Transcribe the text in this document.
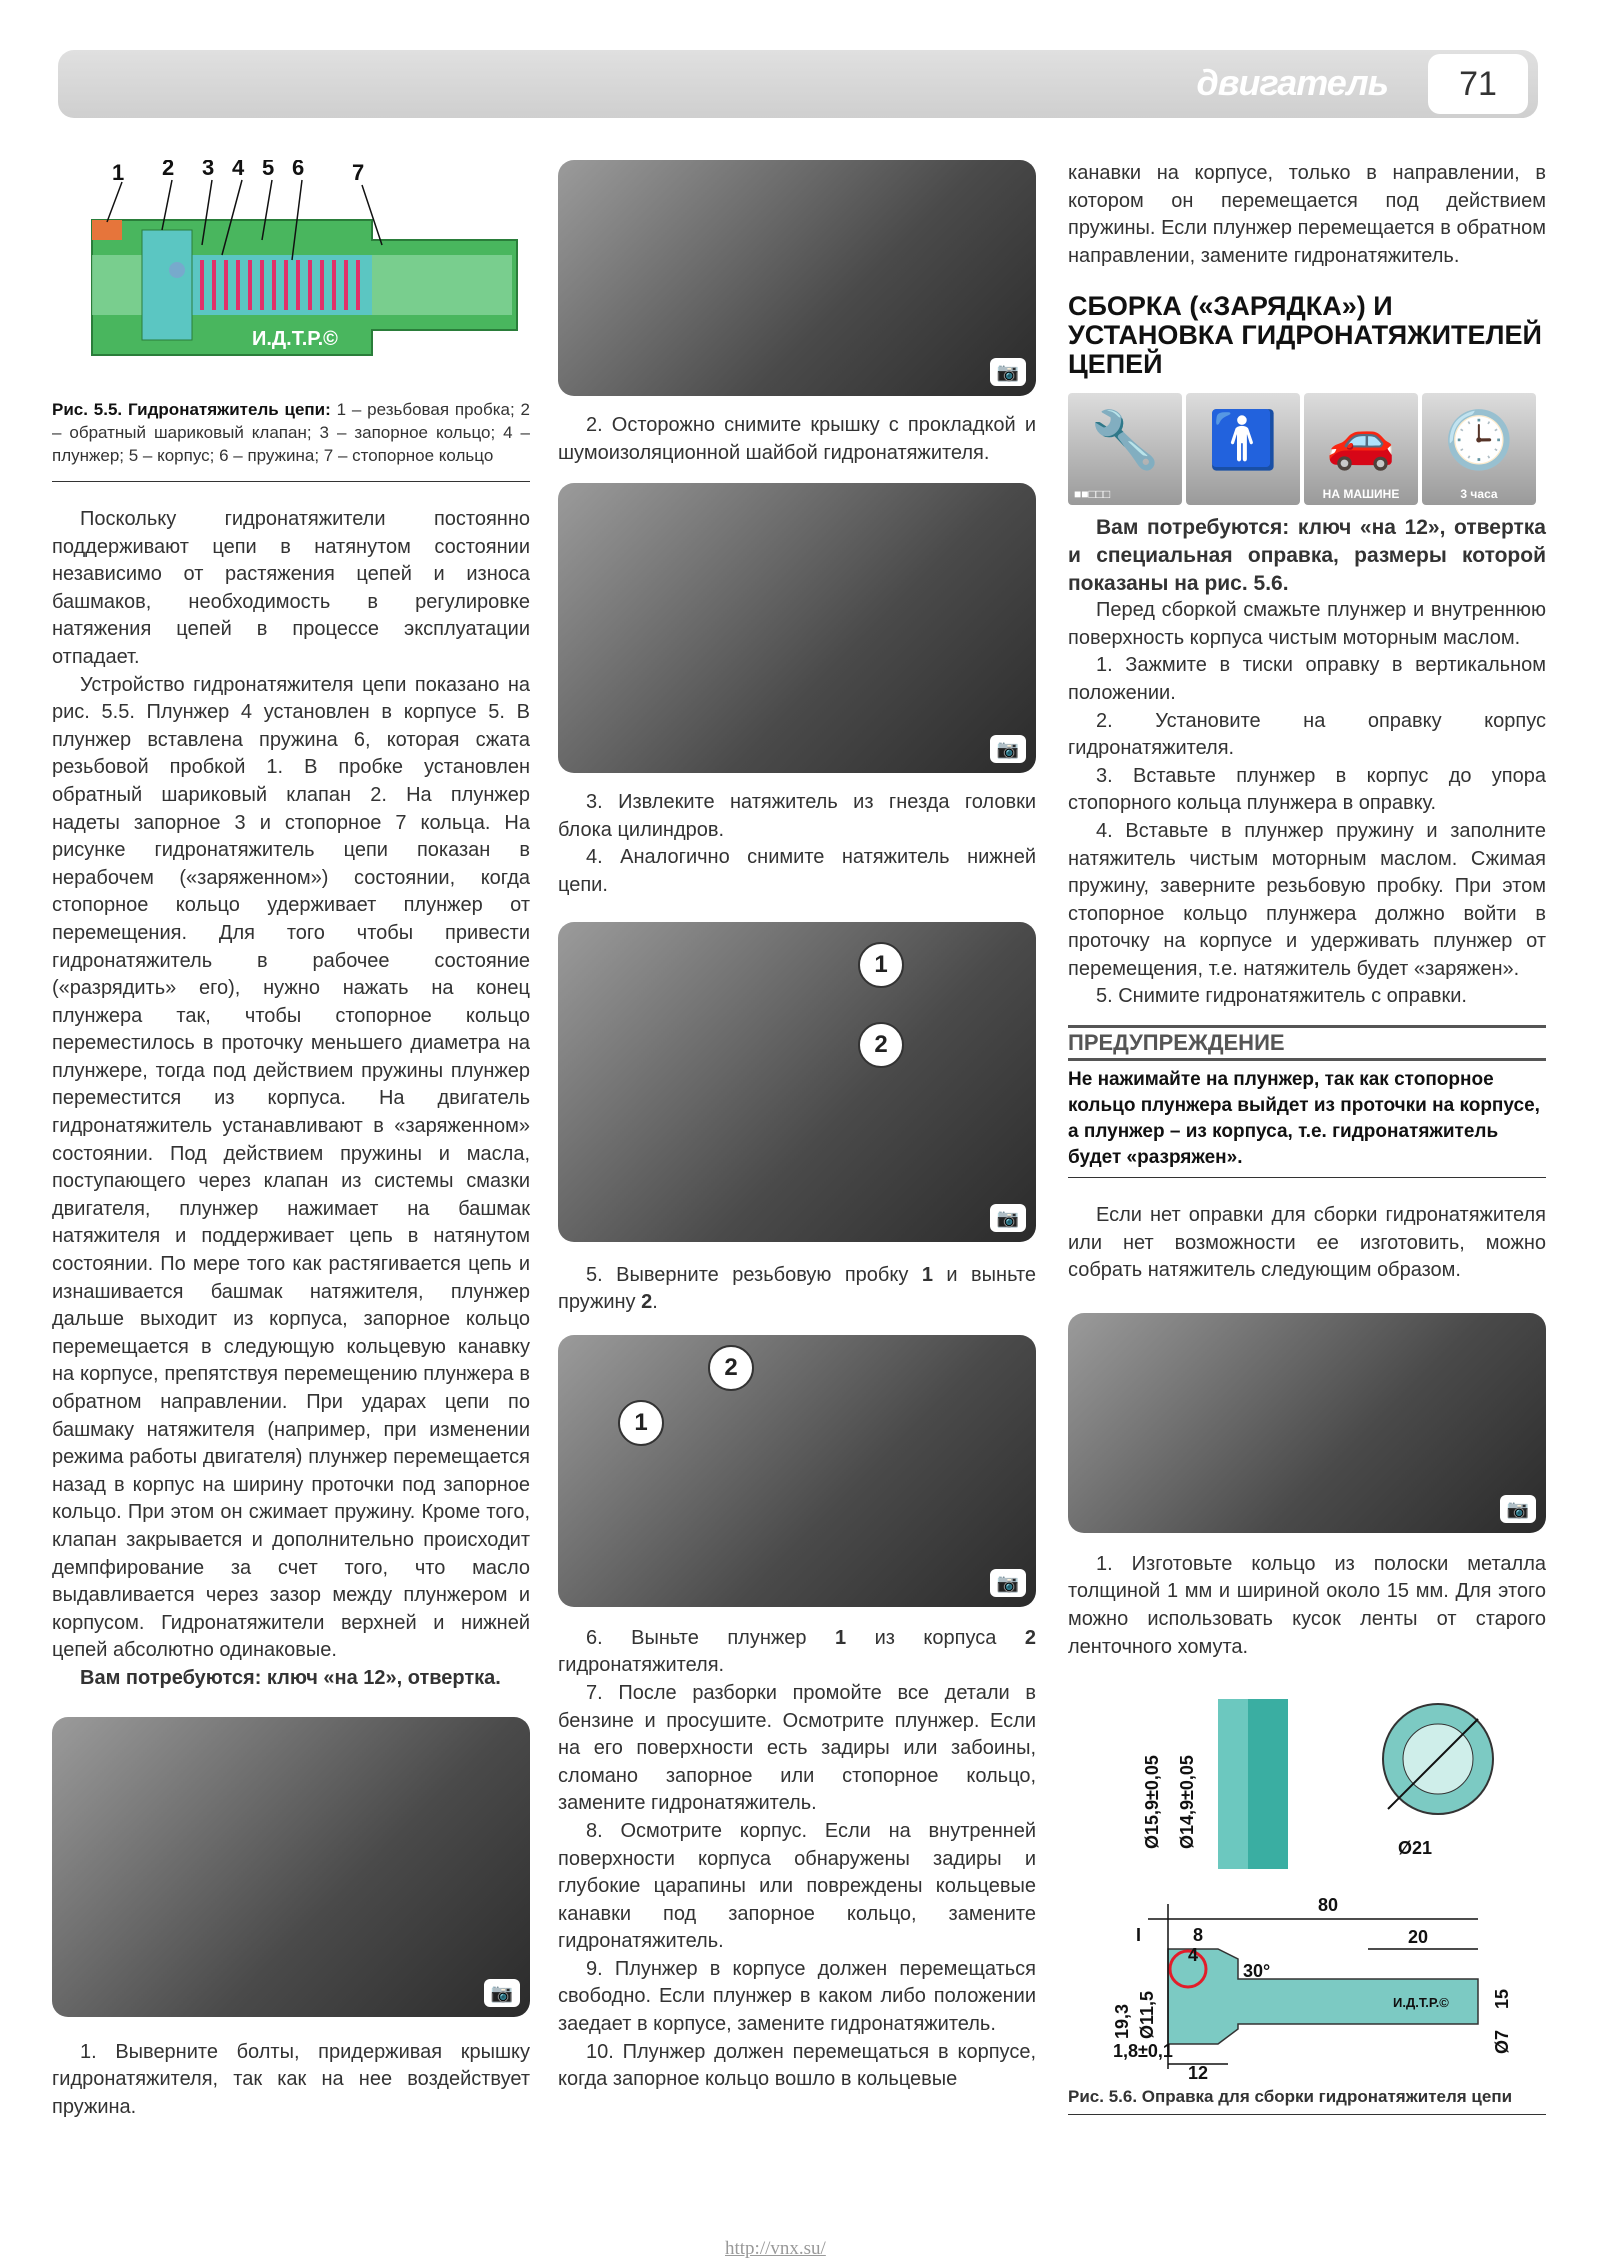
двигатель	71
1 2 3 4 5 6 7
И.Д.Т.Р.©
Рис. 5.5. Гидронатяжитель цепи: 1 – резьбовая пробка; 2 – обратный шариковый клапан; 3 – запорное кольцо; 4 – плунжер; 5 – корпус; 6 – пружина; 7 – стопорное кольцо

Поскольку гидронатяжители постоянно поддерживают цепи в натянутом состоянии независимо от растяжения цепей и износа башмаков, необходимость в регулировке натяжения цепей в процессе эксплуатации отпадает.

Устройство гидронатяжителя цепи показано на рис. 5.5. Плунжер 4 установлен в корпусе 5. В плунжер вставлена пружина 6, которая сжата резьбовой пробкой 1. В пробке установлен обратный шариковый клапан 2. На плунжер надеты запорное 3 и стопорное 7 кольца. На рисунке гидронатяжитель цепи показан в нерабочем («заряженном») состоянии, когда стопорное кольцо удерживает плунжер от перемещения. Для того чтобы привести гидронатяжитель в рабочее состояние («разрядить» его), нужно нажать на конец плунжера так, чтобы стопорное кольцо переместилось в проточку меньшего диаметра на плунжере, тогда под действием пружины плунжер переместится из корпуса. На двигатель гидронатяжитель устанавливают в «заряженном» состоянии. Под действием пружины и масла, поступающего через клапан из системы смазки двигателя, плунжер нажимает на башмак натяжителя и поддерживает цепь в натянутом состоянии. По мере того как растягивается цепь и изнашивается башмак натяжителя, плунжер дальше выходит из корпуса, запорное кольцо перемещается в следующую кольцевую канавку на корпусе, препятствуя перемещению плунжера в обратном направлении. При ударах цепи по башмаку натяжителя (например, при изменении режима работы двигателя) плунжер перемещается назад в корпус на ширину проточки под запорное кольцо. При этом он сжимает пружину. Кроме того, клапан закрывается и дополнительно происходит демпфирование за счет того, что масло выдавливается через зазор между плунжером и корпусом. Гидронатяжители верхней и нижней цепей абсолютно одинаковые.

Вам потребуются: ключ «на 12», отвертка.

📷

1. Выверните болты, придерживая крышку гидронатяжителя, так как на нее воздействует пружина.

📷

2. Осторожно снимите крышку с прокладкой и шумоизоляционной шайбой гидронатяжителя.

📷

3. Извлеките натяжитель из гнезда головки блока цилиндров.

4. Аналогично снимите натяжитель нижней цепи.

1
2
📷

5. Выверните резьбовую пробку 1 и выньте пружину 2.

2
1
📷

6. Выньте плунжер 1 из корпуса 2 гидронатяжителя.

7. После разборки промойте все детали в бензине и просушите. Осмотрите плунжер. Если на его поверхности есть задиры или забоины, сломано запорное или стопорное кольцо, замените гидронатяжитель.

8. Осмотрите корпус. Если на внутренней поверхности корпуса обнаружены задиры и глубокие царапины или повреждены кольцевые канавки под запорное кольцо, замените гидронатяжитель.

9. Плунжер в корпусе должен перемещаться свободно. Если плунжер в каком либо положении заедает в корпусе, замените гидронатяжитель.

10. Плунжер должен перемещаться в корпусе, когда запорное кольцо вошло в кольцевые

канавки на корпусе, только в направлении, в котором он перемещается под действием пружины. Если плунжер перемещается в обратном направлении, замените гидронатяжитель.

СБОРКА («ЗАРЯДКА») И УСТАНОВКА ГИДРОНАТЯЖИТЕЛЕЙ ЦЕПЕЙ

🔧
■■□□□
🚹 🚗
НА МАШИНЕ
🕒
3 часа

Вам потребуются: ключ «на 12», отвертка и специальная оправка, размеры которой показаны на рис. 5.6.

Перед сборкой смажьте плунжер и внутреннюю поверхность корпуса чистым моторным маслом.

1. Зажмите в тиски оправку в вертикальном положении.

2. Установите на оправку корпус гидронатяжителя.

3. Вставьте плунжер в корпус до упора стопорного кольца плунжера в оправку.

4. Вставьте в плунжер пружину и заполните натяжитель чистым моторным маслом. Сжимая пружину, заверните резьбовую пробку. При этом стопорное кольцо плунжера должно войти в проточку на корпусе и удерживать плунжер от перемещения, т.е. натяжитель будет «заряжен».

5. Снимите гидронатяжитель с оправки.

ПРЕДУПРЕЖДЕНИЕ

Не нажимайте на плунжер, так как стопорное кольцо плунжера выйдет из проточки на корпусе, а плунжер – из корпуса, т.е. гидронатяжитель будет «разряжен».

Если нет оправки для сборки гидронатяжителя или нет возможности ее изготовить, можно собрать натяжитель следующим образом.

📷

1. Изготовьте кольцо из полоски металла толщиной 1 мм и шириной около 15 мм. Для этого можно использовать кусок ленты от старого ленточного хомута.

Ø15,9±0,05 Ø14,9±0,05	Ø21
80
8
4
30°
20
19,3 Ø11,5	15
Ø7
1,8±0,1
12
I
И.Д.Т.Р.©
Рис. 5.6. Оправка для сборки гидронатяжителя цепи
http://vnx.su/
